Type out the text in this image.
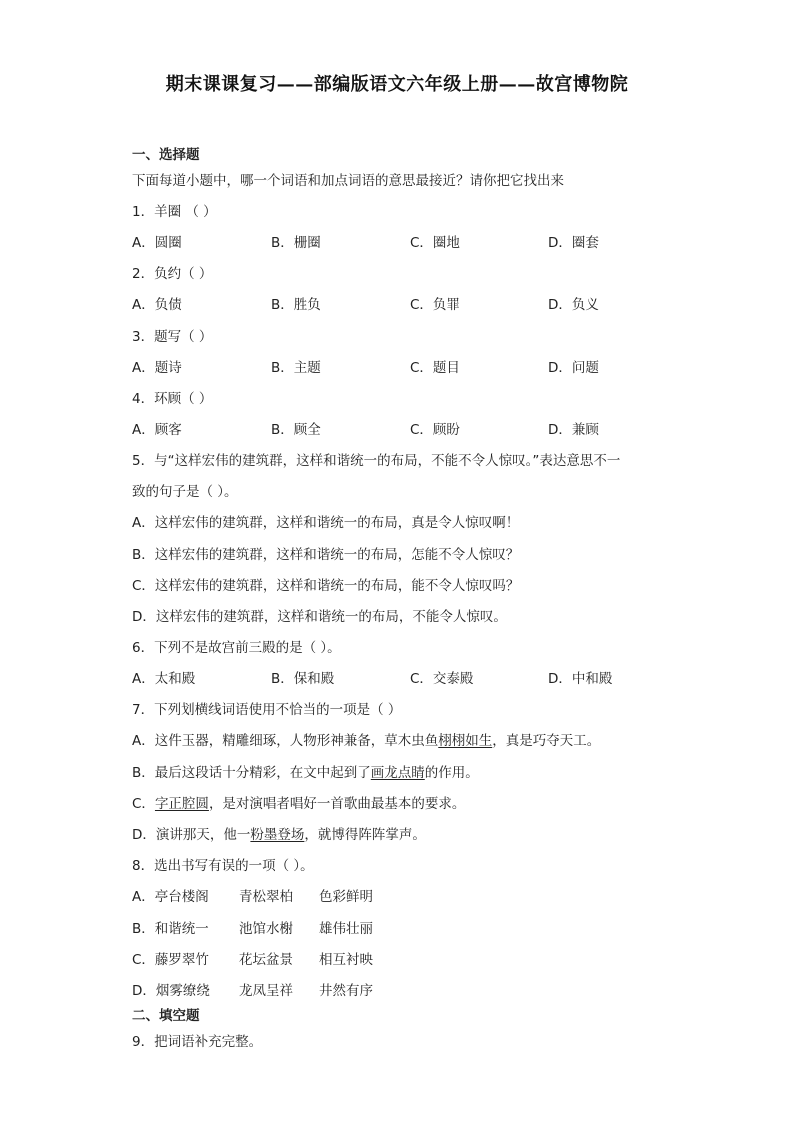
期末课课复习——部编版语文六年级上册——故宫博物院
一、选择题
下面每道小题中，哪一个词语和加点词语的意思最接近？请你把它找出来
1．羊圈 （ ）
A．圆圈	B．栅圈	C．圈地	D．圈套
2．负约（ ）
A．负债	B．胜负	C．负罪	D．负义
3．题写（ ）
A．题诗	B．主题	C．题目	D．问题
4．环顾（ ）
A．顾客	B．顾全	C．顾盼	D．兼顾
5．与“这样宏伟的建筑群，这样和谐统一的布局，不能不令人惊叹。”表达意思不一
致的句子是（ ）。
A．这样宏伟的建筑群，这样和谐统一的布局，真是令人惊叹啊！
B．这样宏伟的建筑群，这样和谐统一的布局，怎能不令人惊叹？
C．这样宏伟的建筑群，这样和谐统一的布局，能不令人惊叹吗？
D．这样宏伟的建筑群，这样和谐统一的布局，不能令人惊叹。
6．下列不是故宫前三殿的是（ ）。
A．太和殿	B．保和殿	C．交泰殿	D．中和殿
7．下列划横线词语使用不恰当的一项是（ ）
A．这件玉器，精雕细琢，人物形神兼备，草木虫鱼栩栩如生，真是巧夺天工。
B．最后这段话十分精彩，在文中起到了画龙点睛的作用。
C．字正腔圆，是对演唱者唱好一首歌曲最基本的要求。
D．演讲那天，他一粉墨登场，就博得阵阵掌声。
8．选出书写有误的一项（ ）。
A．亭台楼阁 青松翠柏 色彩鲜明
B．和谐统一 池馆水榭 雄伟壮丽
C．藤罗翠竹 花坛盆景 相互衬映
D．烟雾缭绕 龙凤呈祥 井然有序
二、填空题
9．把词语补充完整。
